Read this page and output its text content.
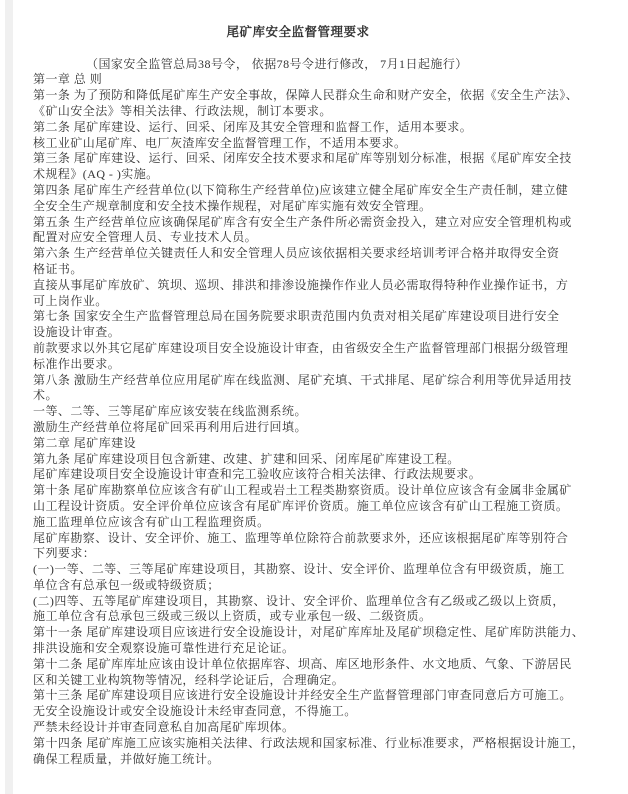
尾矿库安全监督管理要求
（国家安全监管总局38号令， 依据78号令进行修改， 7月1日起施行）
第一章 总 则
第一条 为了预防和降低尾矿库生产安全事故，保障人民群众生命和财产安全，依据《安全生产法》、
《矿山安全法》等相关法律、行政法规，制订本要求。
第二条 尾矿库建设、运行、回采、闭库及其安全管理和监督工作，适用本要求。
核工业矿山尾矿库、电厂灰渣库安全监督管理工作，不适用本要求。
第三条 尾矿库建设、运行、回采、闭库安全技术要求和尾矿库等别划分标准，根据《尾矿库安全技
术规程》(AQ - )实施。
第四条 尾矿库生产经营单位(以下简称生产经营单位)应该建立健全尾矿库安全生产责任制，建立健
全安全生产规章制度和安全技术操作规程，对尾矿库实施有效安全管理。
第五条 生产经营单位应该确保尾矿库含有安全生产条件所必需资金投入，建立对应安全管理机构或
配置对应安全管理人员、专业技术人员。
第六条 生产经营单位关键责任人和安全管理人员应该依据相关要求经培训考评合格并取得安全资
格证书。
直接从事尾矿库放矿、筑坝、巡坝、排洪和排渗设施操作作业人员必需取得特种作业操作证书，方
可上岗作业。
第七条 国家安全生产监督管理总局在国务院要求职责范围内负责对相关尾矿库建设项目进行安全
设施设计审查。
前款要求以外其它尾矿库建设项目安全设施设计审查，由省级安全生产监督管理部门根据分级管理
标准作出要求。
第八条 激励生产经营单位应用尾矿库在线监测、尾矿充填、干式排尾、尾矿综合利用等优异适用技
术。
一等、二等、三等尾矿库应该安装在线监测系统。
激励生产经营单位将尾矿回采再利用后进行回填。
第二章 尾矿库建设
第九条 尾矿库建设项目包含新建、改建、扩建和回采、闭库尾矿库建设工程。
尾矿库建设项目安全设施设计审查和完工验收应该符合相关法律、行政法规要求。
第十条 尾矿库勘察单位应该含有矿山工程或岩土工程类勘察资质。设计单位应该含有金属非金属矿
山工程设计资质。安全评价单位应该含有尾矿库评价资质。施工单位应该含有矿山工程施工资质。
施工监理单位应该含有矿山工程监理资质。
尾矿库勘察、设计、安全评价、施工、监理等单位除符合前款要求外，还应该根据尾矿库等别符合
下列要求：
(一)一等、二等、三等尾矿库建设项目，其勘察、设计、安全评价、监理单位含有甲级资质，施工
单位含有总承包一级或特级资质；
(二)四等、五等尾矿库建设项目，其勘察、设计、安全评价、监理单位含有乙级或乙级以上资质，
施工单位含有总承包三级或三级以上资质，或专业承包一级、二级资质。
第十一条 尾矿库建设项目应该进行安全设施设计，对尾矿库库址及尾矿坝稳定性、尾矿库防洪能力、
排洪设施和安全观察设施可靠性进行充足论证。
第十二条 尾矿库库址应该由设计单位依据库容、坝高、库区地形条件、水文地质、气象、下游居民
区和关键工业构筑物等情况，经科学论证后，合理确定。
第十三条 尾矿库建设项目应该进行安全设施设计并经安全生产监督管理部门审查同意后方可施工。
无安全设施设计或安全设施设计未经审查同意，不得施工。
严禁未经设计并审查同意私自加高尾矿库坝体。
第十四条 尾矿库施工应该实施相关法律、行政法规和国家标准、行业标准要求，严格根据设计施工，
确保工程质量，并做好施工统计。
